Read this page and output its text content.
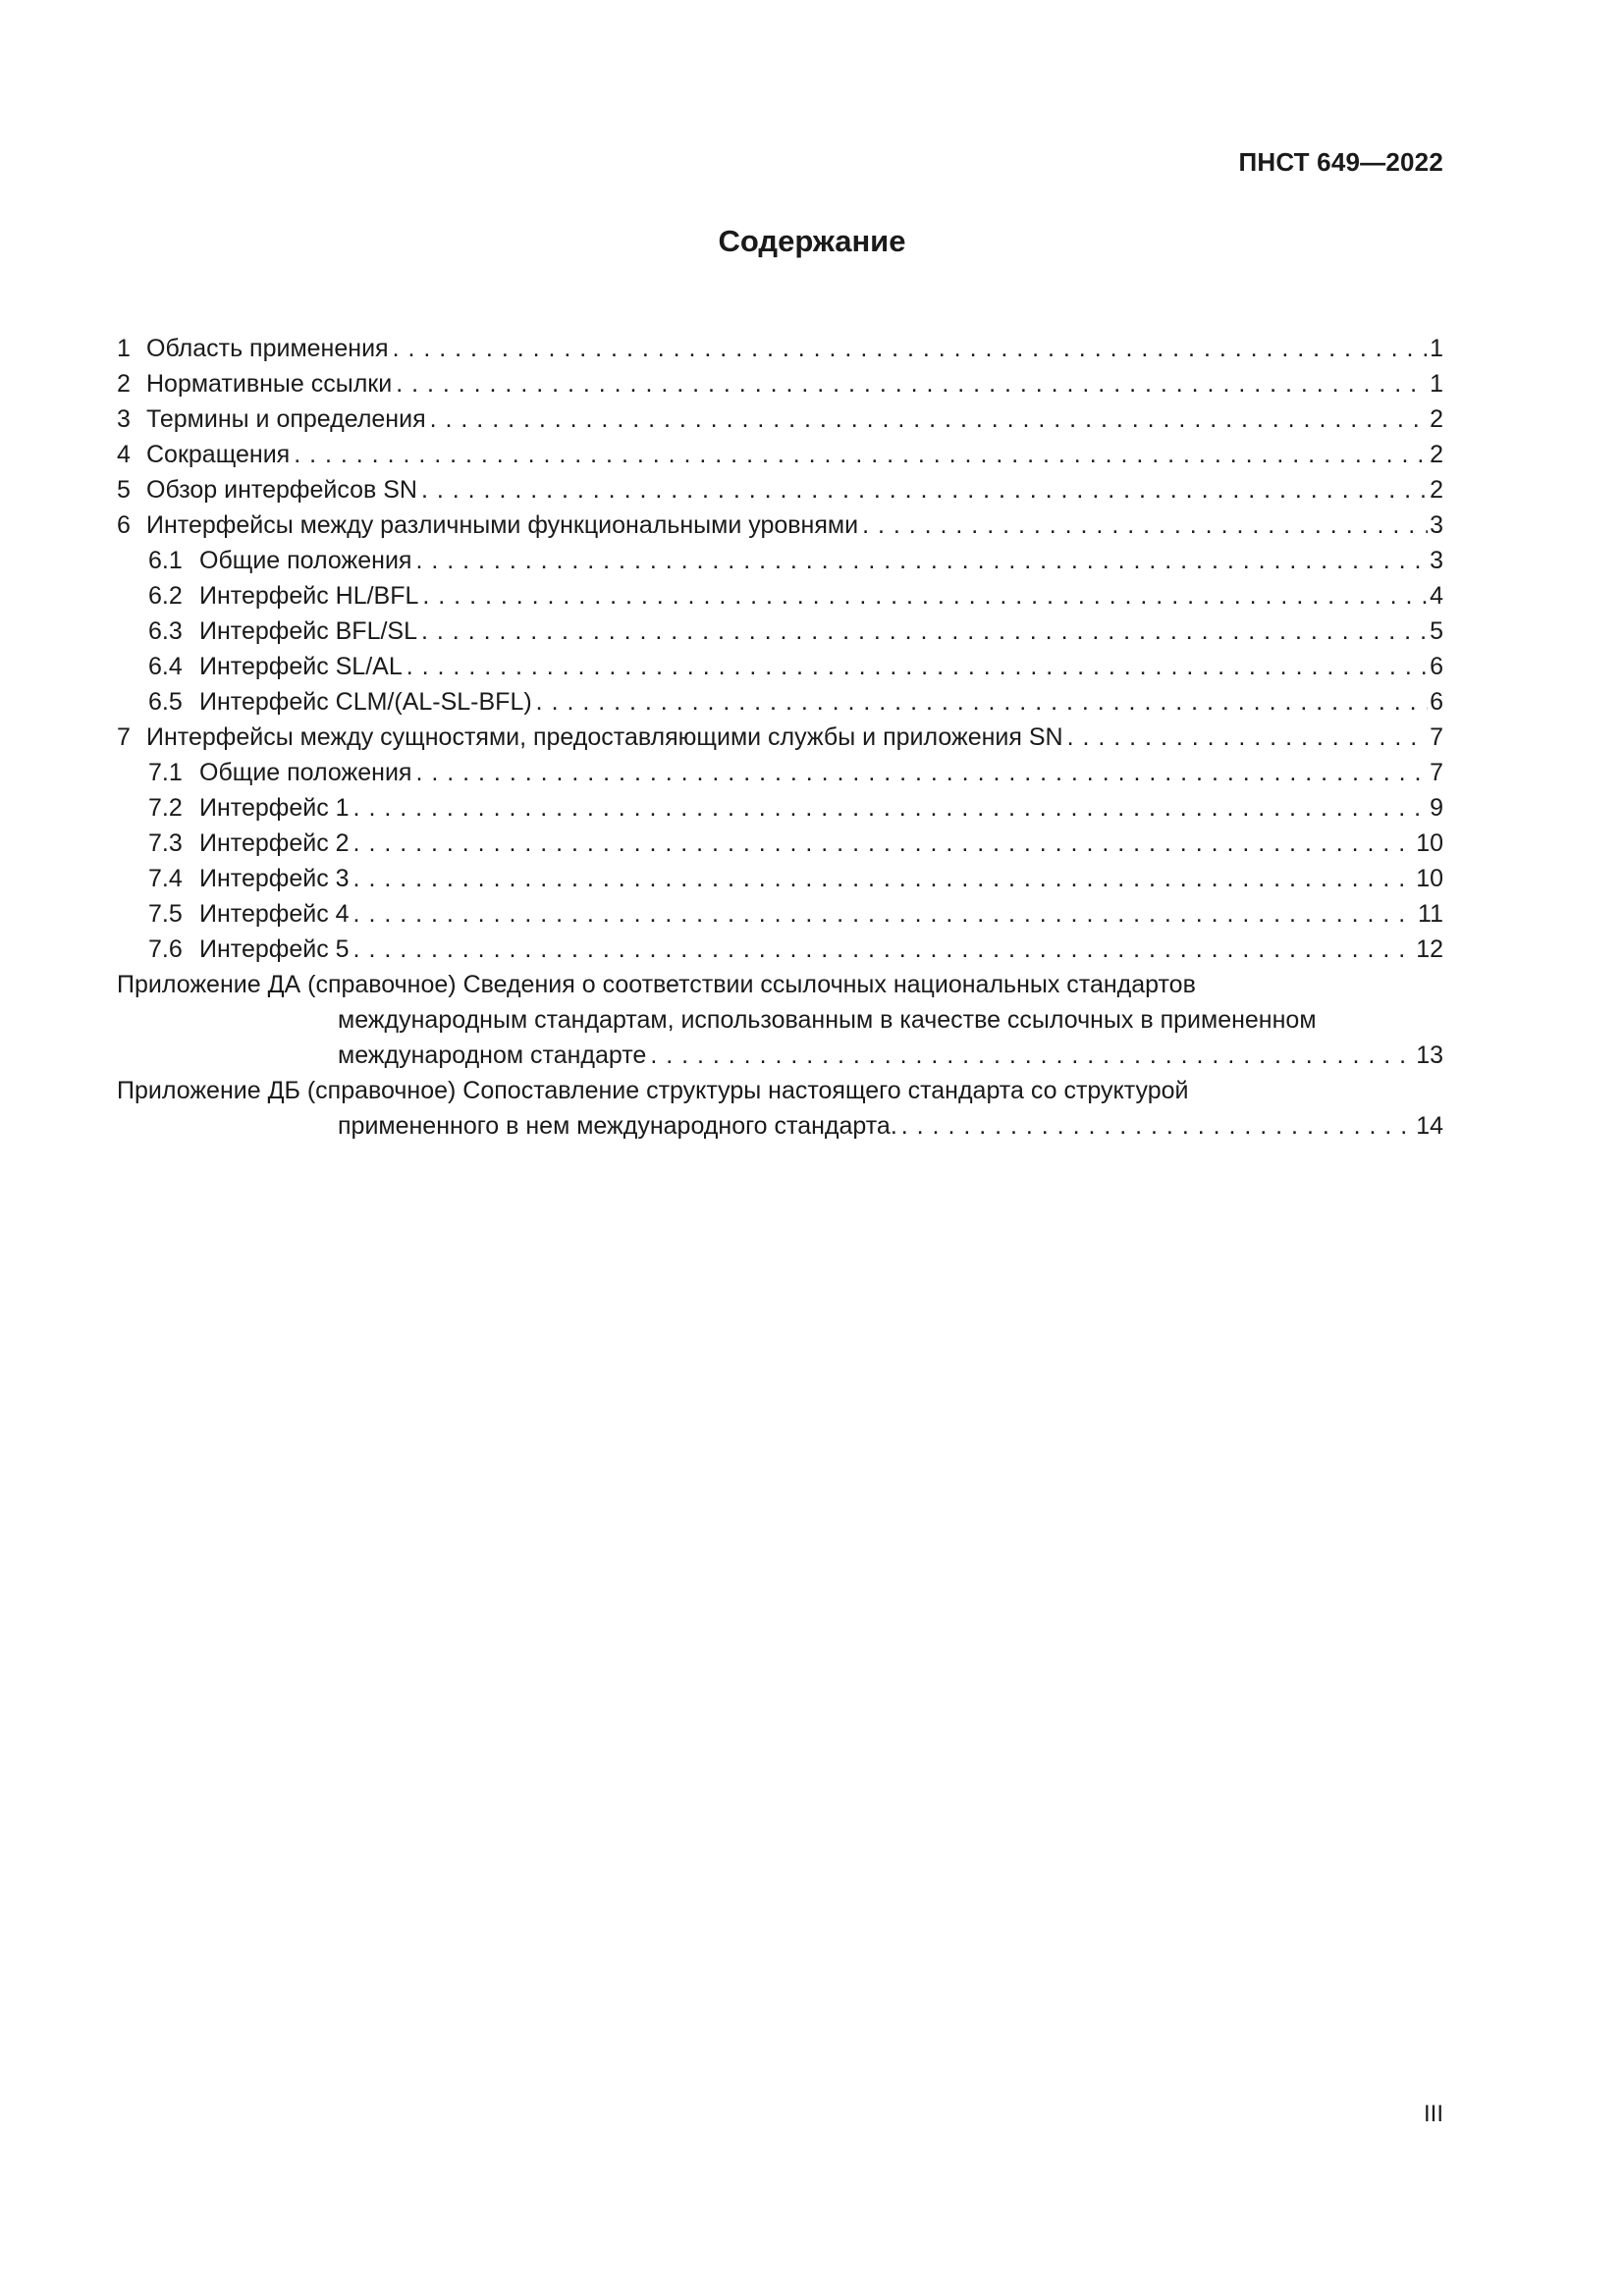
ПНСТ 649—2022
Содержание
1 Область применения . . .	1
2 Нормативные ссылки . . .	1
3 Термины и определения . . .	2
4 Сокращения . . .	2
5 Обзор интерфейсов SN . . .	2
6 Интерфейсы между различными функциональными уровнями . . .	3
6.1 Общие положения . . .	3
6.2 Интерфейс HL/BFL . . .	4
6.3 Интерфейс BFL/SL . . .	5
6.4 Интерфейс SL/AL . . .	6
6.5 Интерфейс CLM/(AL-SL-BFL) . . .	6
7 Интерфейсы между сущностями, предоставляющими службы и приложения SN . . .	7
7.1 Общие положения . . .	7
7.2 Интерфейс 1 . . .	9
7.3 Интерфейс 2 . . .	10
7.4 Интерфейс 3 . . .	10
7.5 Интерфейс 4 . . .	11
7.6 Интерфейс 5 . . .	12
Приложение ДА (справочное) Сведения о соответствии ссылочных национальных стандартов
международным стандартам, использованным в качестве ссылочных в примененном
международном стандарте . . .	13
Приложение ДБ (справочное) Сопоставление структуры настоящего стандарта со структурой
примененного в нем международного стандарта. . . .	14
III
